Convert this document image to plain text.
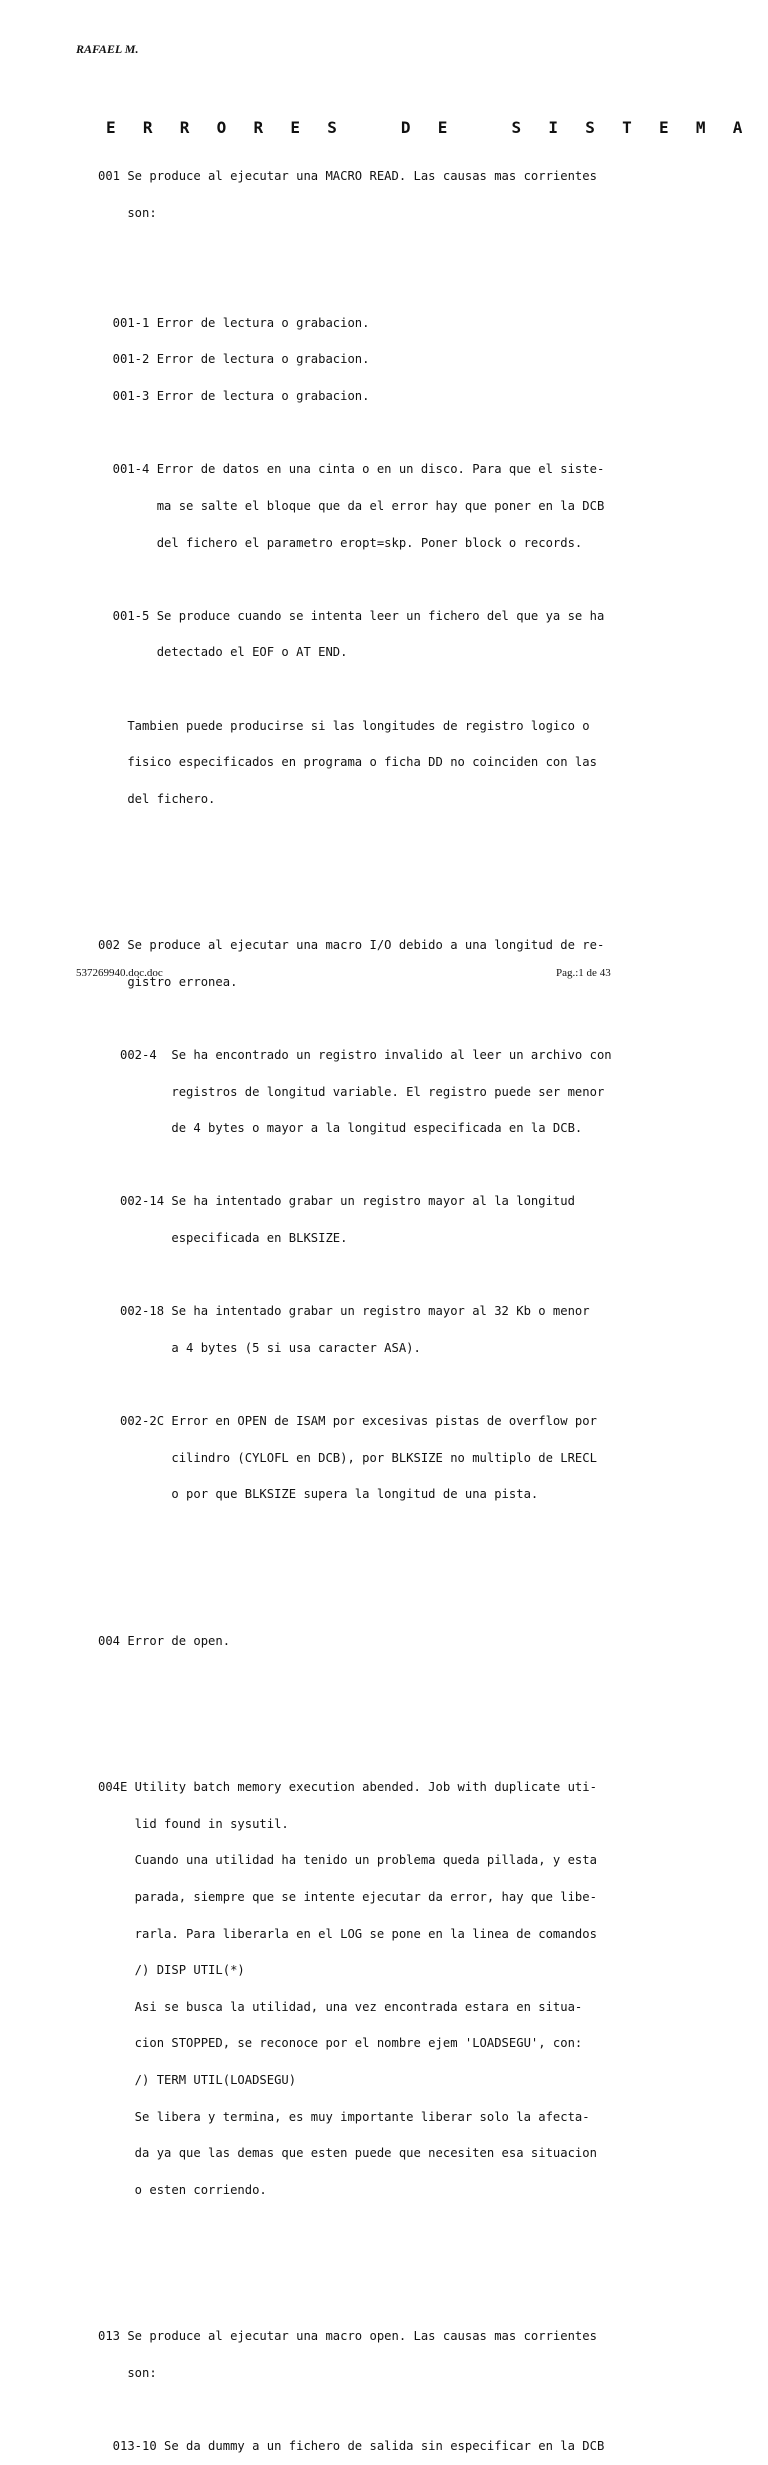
RAFAEL M.
E R R O R E S   D E   S I S T E M A

001 Se produce al ejecutar una MACRO READ. Las causas mas corrientes

son:

001-1 Error de lectura o grabacion.

001-2 Error de lectura o grabacion.

001-3 Error de lectura o grabacion.

001-4 Error de datos en una cinta o en un disco. Para que el siste-

ma se salte el bloque que da el error hay que poner en la DCB

del fichero el parametro eropt=skp. Poner block o records.

001-5 Se produce cuando se intenta leer un fichero del que ya se ha

detectado el EOF o AT END.

Tambien puede producirse si las longitudes de registro logico o

fisico especificados en programa o ficha DD no coinciden con las

del fichero.

002 Se produce al ejecutar una macro I/O debido a una longitud de re-

gistro erronea.

002-4  Se ha encontrado un registro invalido al leer un archivo con

registros de longitud variable. El registro puede ser menor

de 4 bytes o mayor a la longitud especificada en la DCB.

002-14 Se ha intentado grabar un registro mayor al la longitud

especificada en BLKSIZE.

002-18 Se ha intentado grabar un registro mayor al 32 Kb o menor

a 4 bytes (5 si usa caracter ASA).

002-2C Error en OPEN de ISAM por excesivas pistas de overflow por

cilindro (CYLOFL en DCB), por BLKSIZE no multiplo de LRECL

o por que BLKSIZE supera la longitud de una pista.

004 Error de open.

004E Utility batch memory execution abended. Job with duplicate uti-

lid found in sysutil.

Cuando una utilidad ha tenido un problema queda pillada, y esta

parada, siempre que se intente ejecutar da error, hay que libe-

rarla. Para liberarla en el LOG se pone en la linea de comandos

/) DISP UTIL(*)

Asi se busca la utilidad, una vez encontrada estara en situa-

cion STOPPED, se reconoce por el nombre ejem 'LOADSEGU', con:

/) TERM UTIL(LOADSEGU)

Se libera y termina, es muy importante liberar solo la afecta-

da ya que las demas que esten puede que necesiten esa situacion

o esten corriendo.

013 Se produce al ejecutar una macro open. Las causas mas corrientes

son:

013-10 Se da dummy a un fichero de salida sin especificar en la DCB

537269940.doc.doc	Pag.:1 de 43
